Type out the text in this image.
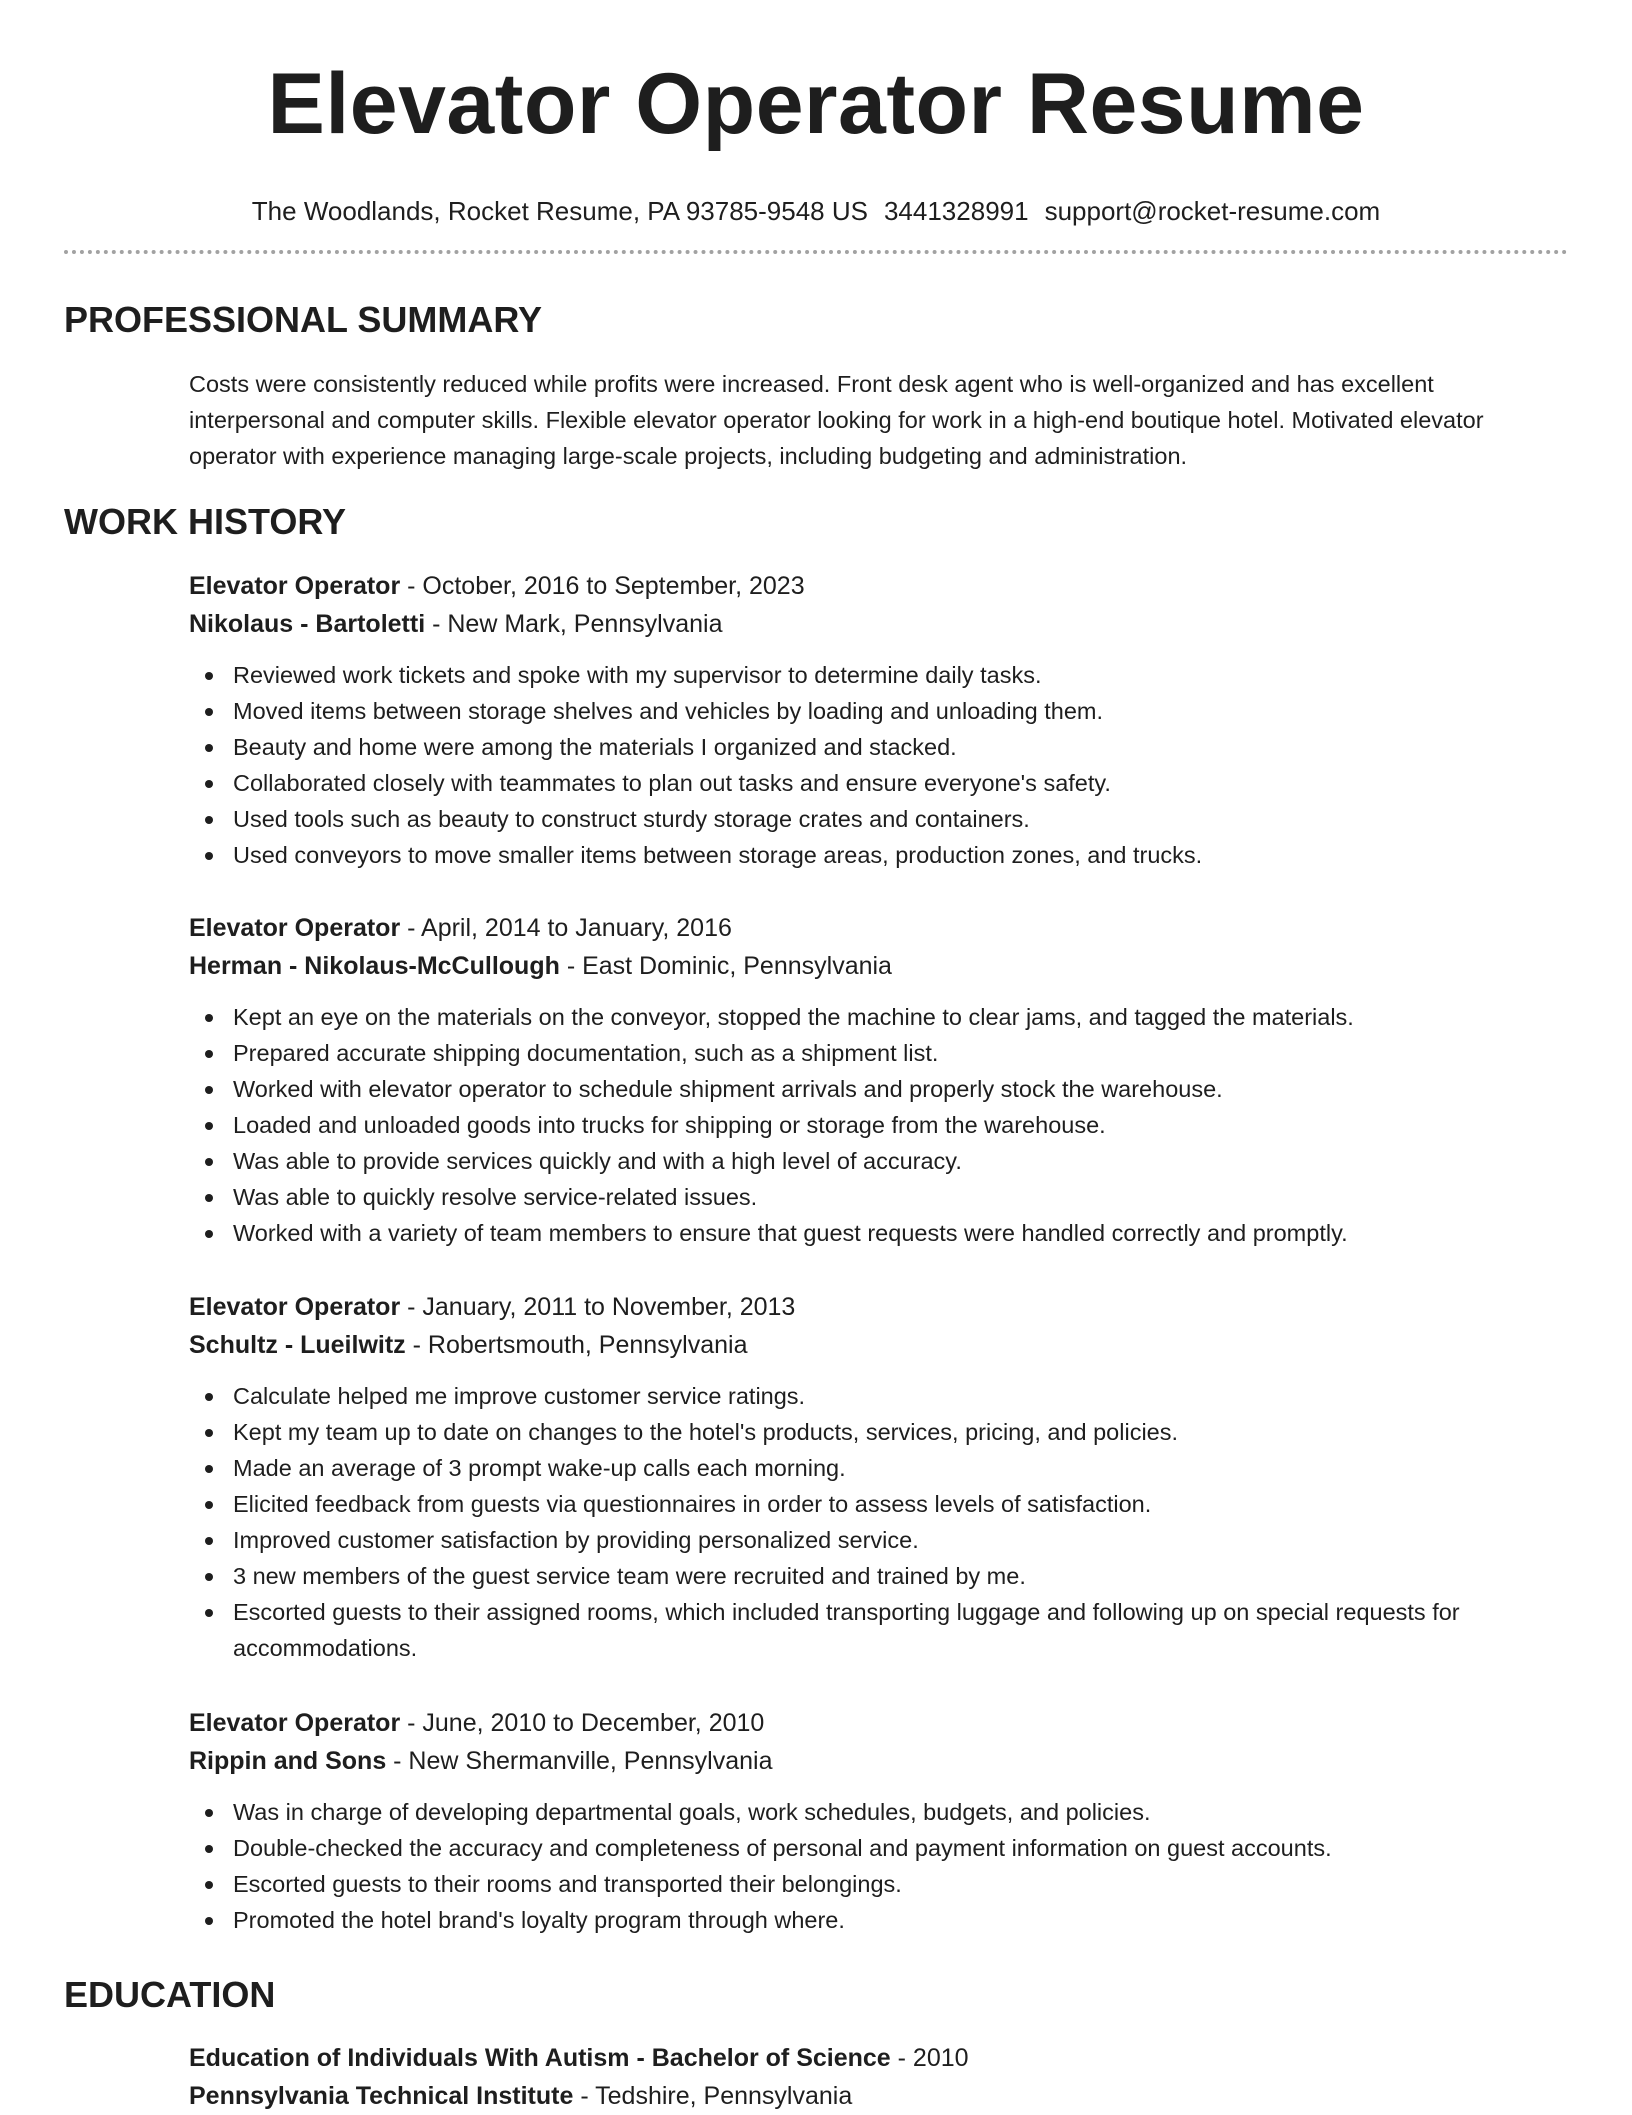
Elevator Operator Resume
The Woodlands, Rocket Resume, PA 93785-9548 US 3441328991 support@rocket-resume.com
PROFESSIONAL SUMMARY

Costs were consistently reduced while profits were increased. Front desk agent who is well-organized and has excellent interpersonal and computer skills. Flexible elevator operator looking for work in a high-end boutique hotel. Motivated elevator operator with experience managing large-scale projects, including budgeting and administration.

WORK HISTORY
Elevator Operator - October, 2016 to September, 2023
Nikolaus - Bartoletti - New Mark, Pennsylvania
Reviewed work tickets and spoke with my supervisor to determine daily tasks.
Moved items between storage shelves and vehicles by loading and unloading them.
Beauty and home were among the materials I organized and stacked.
Collaborated closely with teammates to plan out tasks and ensure everyone's safety.
Used tools such as beauty to construct sturdy storage crates and containers.
Used conveyors to move smaller items between storage areas, production zones, and trucks.
Elevator Operator - April, 2014 to January, 2016
Herman - Nikolaus-McCullough - East Dominic, Pennsylvania
Kept an eye on the materials on the conveyor, stopped the machine to clear jams, and tagged the materials.
Prepared accurate shipping documentation, such as a shipment list.
Worked with elevator operator to schedule shipment arrivals and properly stock the warehouse.
Loaded and unloaded goods into trucks for shipping or storage from the warehouse.
Was able to provide services quickly and with a high level of accuracy.
Was able to quickly resolve service-related issues.
Worked with a variety of team members to ensure that guest requests were handled correctly and promptly.
Elevator Operator - January, 2011 to November, 2013
Schultz - Lueilwitz - Robertsmouth, Pennsylvania
Calculate helped me improve customer service ratings.
Kept my team up to date on changes to the hotel's products, services, pricing, and policies.
Made an average of 3 prompt wake-up calls each morning.
Elicited feedback from guests via questionnaires in order to assess levels of satisfaction.
Improved customer satisfaction by providing personalized service.
3 new members of the guest service team were recruited and trained by me.
Escorted guests to their assigned rooms, which included transporting luggage and following up on special requests for accommodations.
Elevator Operator - June, 2010 to December, 2010
Rippin and Sons - New Shermanville, Pennsylvania
Was in charge of developing departmental goals, work schedules, budgets, and policies.
Double-checked the accuracy and completeness of personal and payment information on guest accounts.
Escorted guests to their rooms and transported their belongings.
Promoted the hotel brand's loyalty program through where.
EDUCATION
Education of Individuals With Autism - Bachelor of Science - 2010
Pennsylvania Technical Institute - Tedshire, Pennsylvania
